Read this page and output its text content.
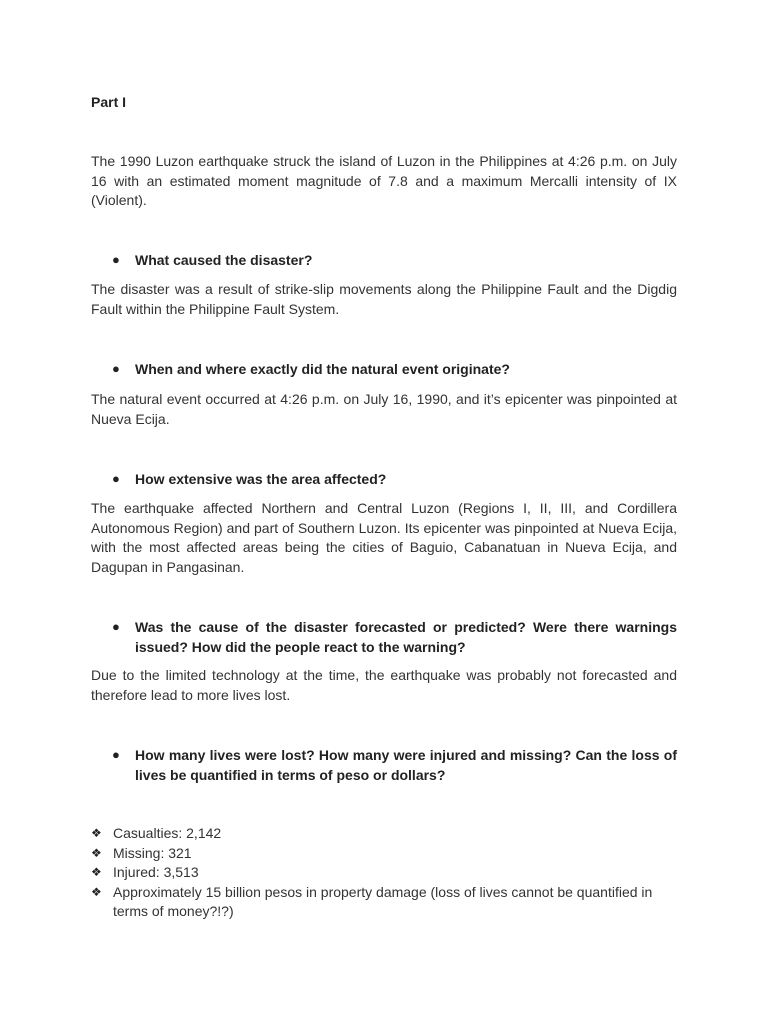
Part I

The 1990 Luzon earthquake struck the island of Luzon in the Philippines at 4:26 p.m. on July 16 with an estimated moment magnitude of 7.8 and a maximum Mercalli intensity of IX (Violent).

● What caused the disaster?

The disaster was a result of strike-slip movements along the Philippine Fault and the Digdig Fault within the Philippine Fault System.

● When and where exactly did the natural event originate?

The natural event occurred at 4:26 p.m. on July 16, 1990, and it’s epicenter was pinpointed at Nueva Ecija.

● How extensive was the area affected?

The earthquake affected Northern and Central Luzon (Regions I, II, III, and Cordillera Autonomous Region) and part of Southern Luzon. Its epicenter was pinpointed at Nueva Ecija, with the most affected areas being the cities of Baguio, Cabanatuan in Nueva Ecija, and Dagupan in Pangasinan.

● Was the cause of the disaster forecasted or predicted? Were there warnings issued? How did the people react to the warning?

Due to the limited technology at the time, the earthquake was probably not forecasted and therefore lead to more lives lost.

● How many lives were lost? How many were injured and missing? Can the loss of lives be quantified in terms of peso or dollars?
❖ Casualties: 2,142
❖ Missing: 321
❖ Injured: 3,513
❖ Approximately 15 billion pesos in property damage (loss of lives cannot be quantified in terms of money?!?)
